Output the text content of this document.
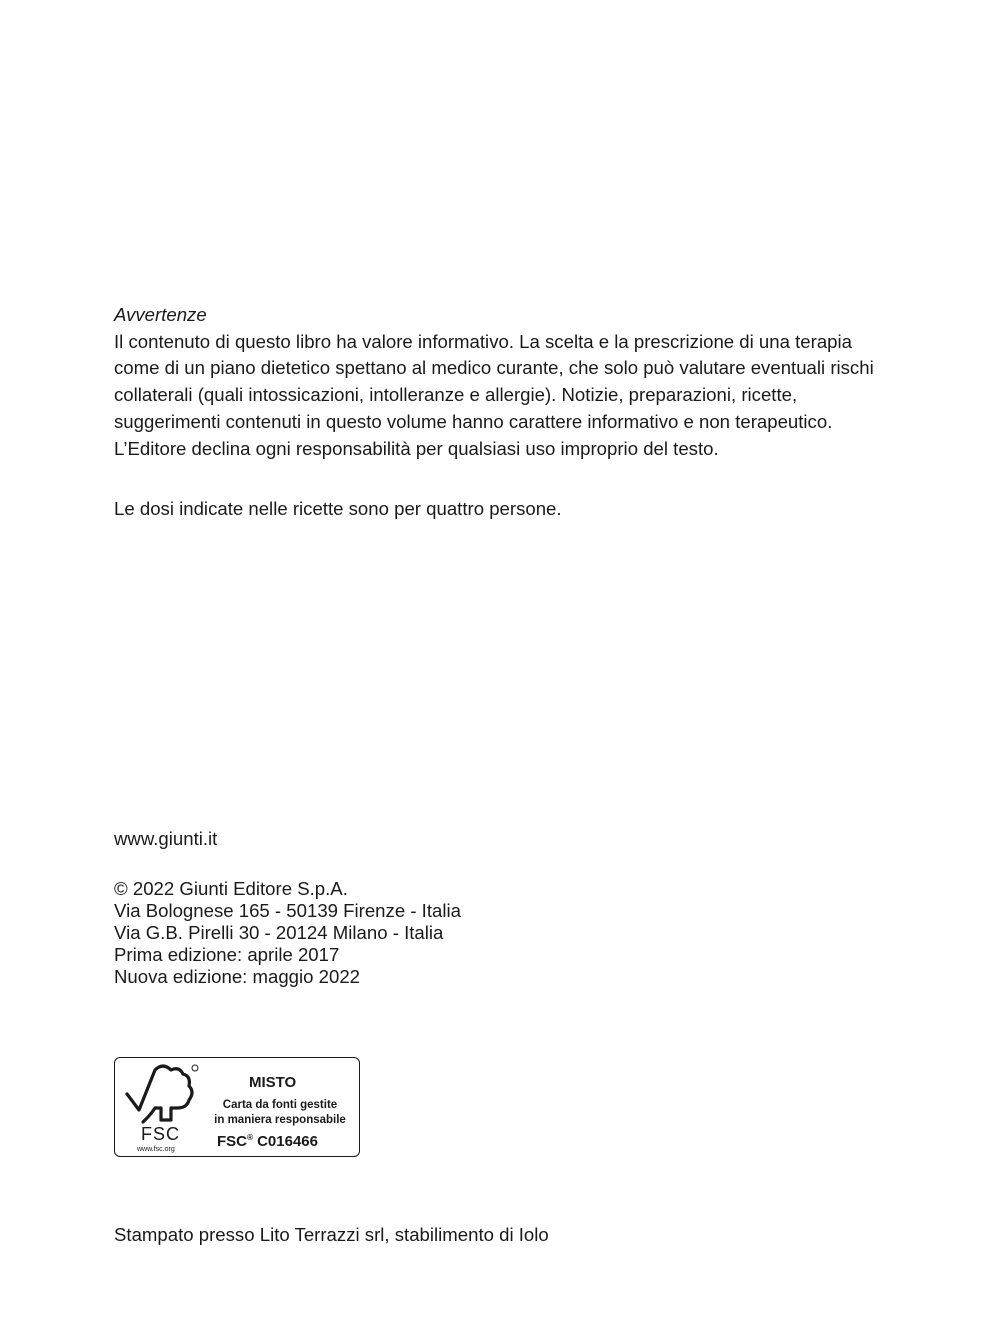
Avvertenze

Il contenuto di questo libro ha valore informativo. La scelta e la prescrizione di una terapia come di un piano dietetico spettano al medico curante, che solo può valutare eventuali rischi collaterali (quali intossicazioni, intolleranze e allergie). Notizie, preparazioni, ricette, suggerimenti contenuti in questo volume hanno carattere informativo e non terapeutico. L’Editore declina ogni responsabilità per qualsiasi uso improprio del testo.

Le dosi indicate nelle ricette sono per quattro persone.
www.giunti.it
© 2022 Giunti Editore S.p.A.
Via Bolognese 165 - 50139 Firenze - Italia
Via G.B. Pirelli 30 - 20124 Milano - Italia
Prima edizione: aprile 2017
Nuova edizione: maggio 2022
FSC
www.fsc.org
MISTO
Carta da fonti gestite
in maniera responsabile
FSC® C016466
Stampato presso Lito Terrazzi srl, stabilimento di Iolo
